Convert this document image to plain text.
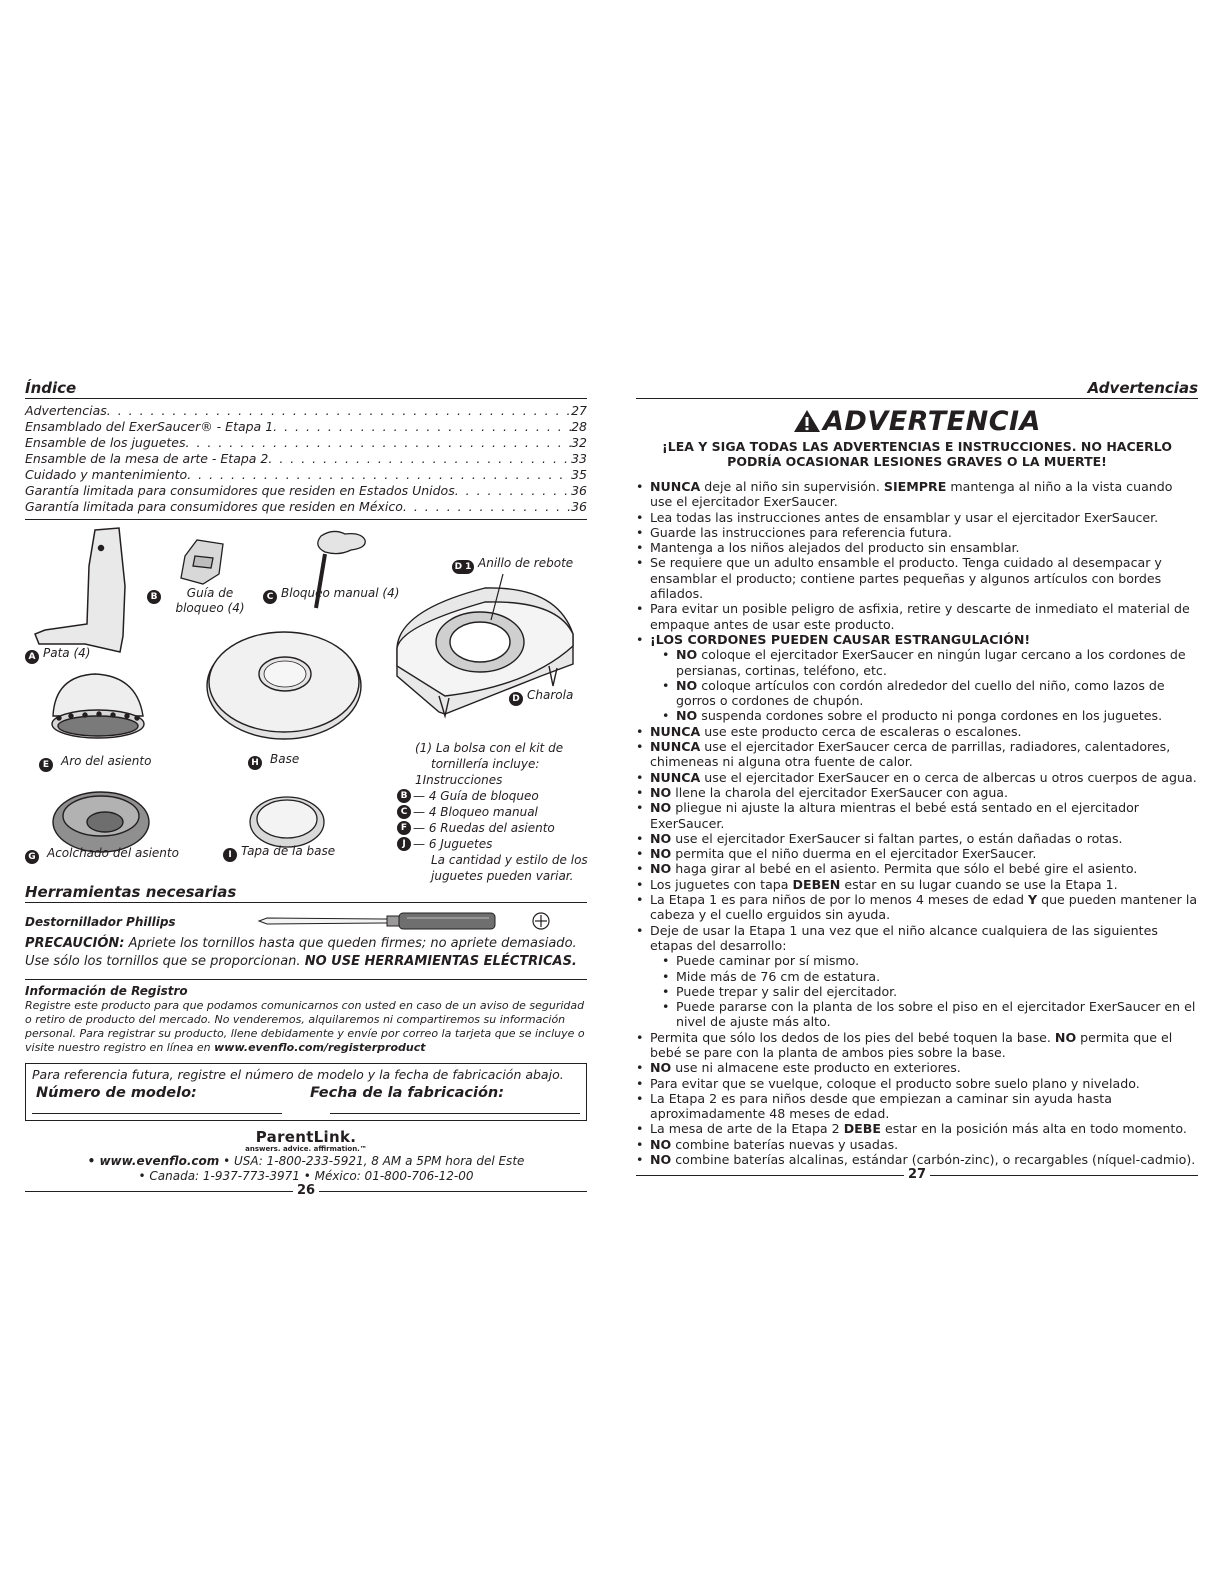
Índice
Advertencias . . .	27
Ensamblado del ExerSaucer® - Etapa 1 . . .	28
Ensamble de los juguetes . . .	32
Ensamble de la mesa de arte - Etapa 2 . . .	33
Cuidado y mantenimiento . . .	35
Garantía limitada para consumidores que residen en Estados Unidos . . .	36
Garantía limitada para consumidores que residen en México . . .	36
A Pata (4)
B	Guía de
bloqueo (4)
C Bloqueo manual (4)
D 1 Anillo de rebote
D Charola
E Aro del asiento	H Base
G Acolchado del asiento	I Tapa de la base
(1) La bolsa con el kit de
tornillería incluye:
1Instrucciones
B — 4 Guía de bloqueo
C — 4 Bloqueo manual
F — 6 Ruedas del asiento
J — 6 Juguetes
La cantidad y estilo de los
juguetes pueden variar.
Herramientas necesarias
Destornillador Phillips
PRECAUCIÓN: Apriete los tornillos hasta que queden firmes; no apriete demasiado. Use sólo los tornillos que se proporcionan. NO USE HERRAMIENTAS ELÉCTRICAS.
Información de Registro
Registre este producto para que podamos comunicarnos con usted en caso de un aviso de seguridad o retiro de producto del mercado. No venderemos, alquilaremos ni compartiremos su información personal. Para registrar su producto, llene debidamente y envíe por correo la tarjeta que se incluye o visite nuestro registro en línea en www.evenflo.com/registerproduct
Para referencia futura, registre el número de modelo y la fecha de fabricación abajo.
Número de modelo:	Fecha de la fabricación:
ParentLink.
answers. advice. affirmation.™
• www.evenflo.com • USA: 1-800-233-5921, 8 AM a 5PM hora del Este
• Canada: 1-937-773-3971 • México: 01-800-706-12-00
26
Advertencias
ADVERTENCIA
¡LEA Y SIGA TODAS LAS ADVERTENCIAS E INSTRUCCIONES. NO HACERLO
PODRÍA OCASIONAR LESIONES GRAVES O LA MUERTE!
• NUNCA deje al niño sin supervisión. SIEMPRE mantenga al niño a la vista cuando use el ejercitador ExerSaucer.
• Lea todas las instrucciones antes de ensamblar y usar el ejercitador ExerSaucer.
• Guarde las instrucciones para referencia futura.
• Mantenga a los niños alejados del producto sin ensamblar.
• Se requiere que un adulto ensamble el producto. Tenga cuidado al desempacar y ensamblar el producto; contiene partes pequeñas y algunos artículos con bordes afilados.
• Para evitar un posible peligro de asfixia, retire y descarte de inmediato el material de empaque antes de usar este producto.
• ¡LOS CORDONES PUEDEN CAUSAR ESTRANGULACIÓN!
• NO coloque el ejercitador ExerSaucer en ningún lugar cercano a los cordones de persianas, cortinas, teléfono, etc.
• NO coloque artículos con cordón alrededor del cuello del niño, como lazos de gorros o cordones de chupón.
• NO suspenda cordones sobre el producto ni ponga cordones en los juguetes.
• NUNCA use este producto cerca de escaleras o escalones.
• NUNCA use el ejercitador ExerSaucer cerca de parrillas, radiadores, calentadores, chimeneas ni alguna otra fuente de calor.
• NUNCA use el ejercitador ExerSaucer en o cerca de albercas u otros cuerpos de agua.
• NO llene la charola del ejercitador ExerSaucer con agua.
• NO pliegue ni ajuste la altura mientras el bebé está sentado en el ejercitador ExerSaucer.
• NO use el ejercitador ExerSaucer si faltan partes, o están dañadas o rotas.
• NO permita que el niño duerma en el ejercitador ExerSaucer.
• NO haga girar al bebé en el asiento. Permita que sólo el bebé gire el asiento.
• Los juguetes con tapa DEBEN estar en su lugar cuando se use la Etapa 1.
• La Etapa 1 es para niños de por lo menos 4 meses de edad Y que pueden mantener la cabeza y el cuello erguidos sin ayuda.
• Deje de usar la Etapa 1 una vez que el niño alcance cualquiera de las siguientes etapas del desarrollo:
• Puede caminar por sí mismo.
• Mide más de 76 cm de estatura.
• Puede trepar y salir del ejercitador.
• Puede pararse con la planta de los sobre el piso en el ejercitador ExerSaucer en el nivel de ajuste más alto.
• Permita que sólo los dedos de los pies del bebé toquen la base. NO permita que el bebé se pare con la planta de ambos pies sobre la base.
• NO use ni almacene este producto en exteriores.
• Para evitar que se vuelque, coloque el producto sobre suelo plano y nivelado.
• La Etapa 2 es para niños desde que empiezan a caminar sin ayuda hasta aproximadamente 48 meses de edad.
• La mesa de arte de la Etapa 2 DEBE estar en la posición más alta en todo momento.
• NO combine baterías nuevas y usadas.
• NO combine baterías alcalinas, estándar (carbón-zinc), o recargables (níquel-cadmio).
27
